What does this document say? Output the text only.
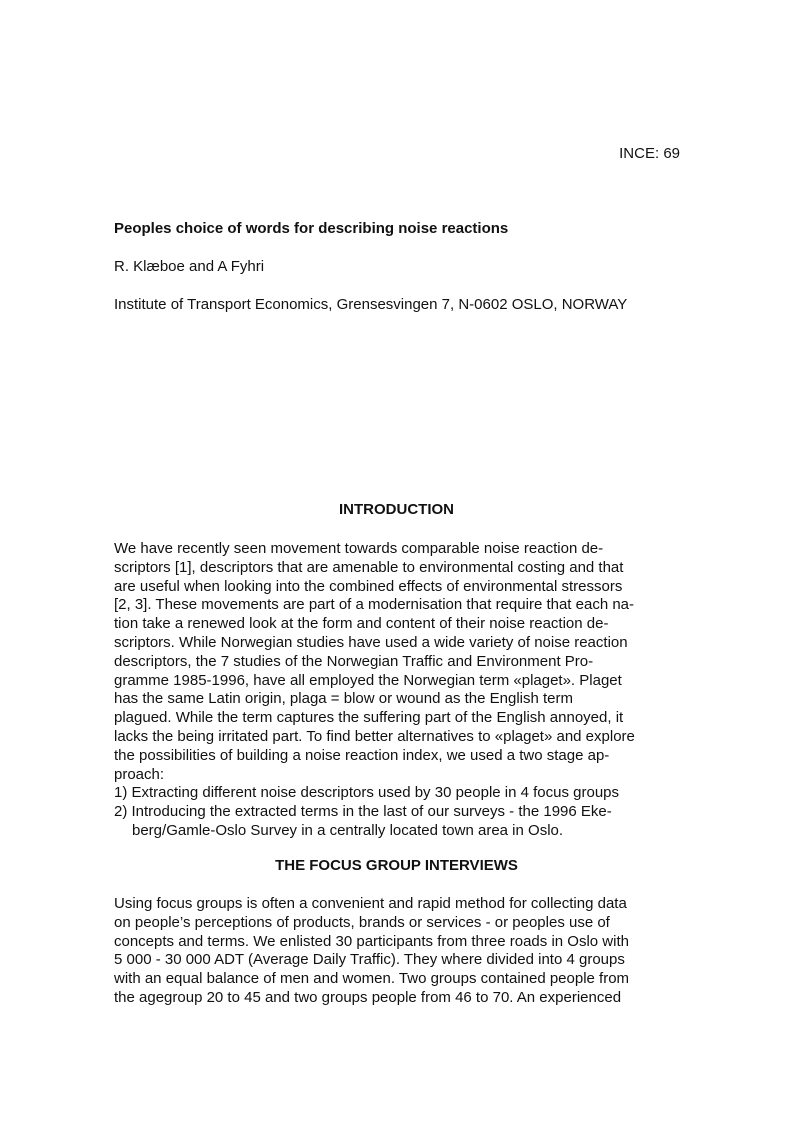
INCE: 69
Peoples choice of words for describing noise reactions
R. Klæboe and A Fyhri
Institute of Transport Economics, Grensesvingen 7, N-0602 OSLO, NORWAY
INTRODUCTION
We have recently seen movement towards comparable noise reaction de-
scriptors [1], descriptors that are amenable to environmental costing and that
are useful when looking into the combined effects of environmental stressors
[2, 3]. These movements are part of a modernisation that require that each na-
tion take a renewed look at the form and content of their noise reaction de-
scriptors. While Norwegian studies have used a wide variety of noise reaction
descriptors, the 7 studies of the Norwegian Traffic and Environment Pro-
gramme 1985-1996, have all employed the Norwegian term «plaget». Plaget
has the same Latin origin, plaga = blow or wound as the English term
plagued. While the term captures the suffering part of the English annoyed, it
lacks the being irritated part. To find better alternatives to «plaget» and explore
the possibilities of building a noise reaction index, we used a two stage ap-
proach:
1) Extracting different noise descriptors used by 30 people in 4 focus groups
2) Introducing the extracted terms in the last of our surveys - the 1996 Eke-
berg/Gamle-Oslo Survey in a centrally located town area in Oslo.
THE FOCUS GROUP INTERVIEWS
Using focus groups is often a convenient and rapid method for collecting data
on people’s perceptions of products, brands or services - or peoples use of
concepts and terms. We enlisted 30 participants from three roads in Oslo with
5 000 - 30 000 ADT (Average Daily Traffic). They where divided into 4 groups
with an equal balance of men and women. Two groups contained people from
the agegroup 20 to 45 and two groups people from 46 to 70. An experienced
